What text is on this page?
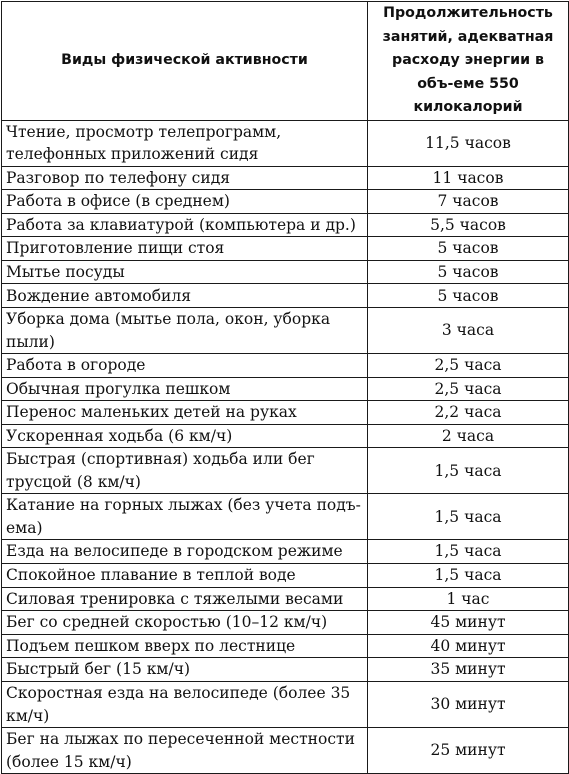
Виды физической активности	Продолжительность занятий, адекватная расходу энергии в объ-еме 550 килокалорий
Чтение, просмотр телепрограмм, телефонных приложений сидя	11,5 часов
Разговор по телефону сидя	11 часов
Работа в офисе (в среднем)	7 часов
Работа за клавиатурой (компьютера и др.)	5,5 часов
Приготовление пищи стоя	5 часов
Мытье посуды	5 часов
Вождение автомобиля	5 часов
Уборка дома (мытье пола, окон, уборка пыли)	3 часа
Работа в огороде	2,5 часа
Обычная прогулка пешком	2,5 часа
Перенос маленьких детей на руках	2,2 часа
Ускоренная ходьба (6 км/ч)	2 часа
Быстрая (спортивная) ходьба или бег трусцой (8 км/ч)	1,5 часа
Катание на горных лыжах (без учета подъ-ема)	1,5 часа
Езда на велосипеде в городском режиме	1,5 часа
Спокойное плавание в теплой воде	1,5 часа
Силовая тренировка с тяжелыми весами	1 час
Бег со средней скоростью (10–12 км/ч)	45 минут
Подъем пешком вверх по лестнице	40 минут
Быстрый бег (15 км/ч)	35 минут
Скоростная езда на велосипеде (более 35 км/ч)	30 минут
Бег на лыжах по пересеченной местности (более 15 км/ч)	25 минут
